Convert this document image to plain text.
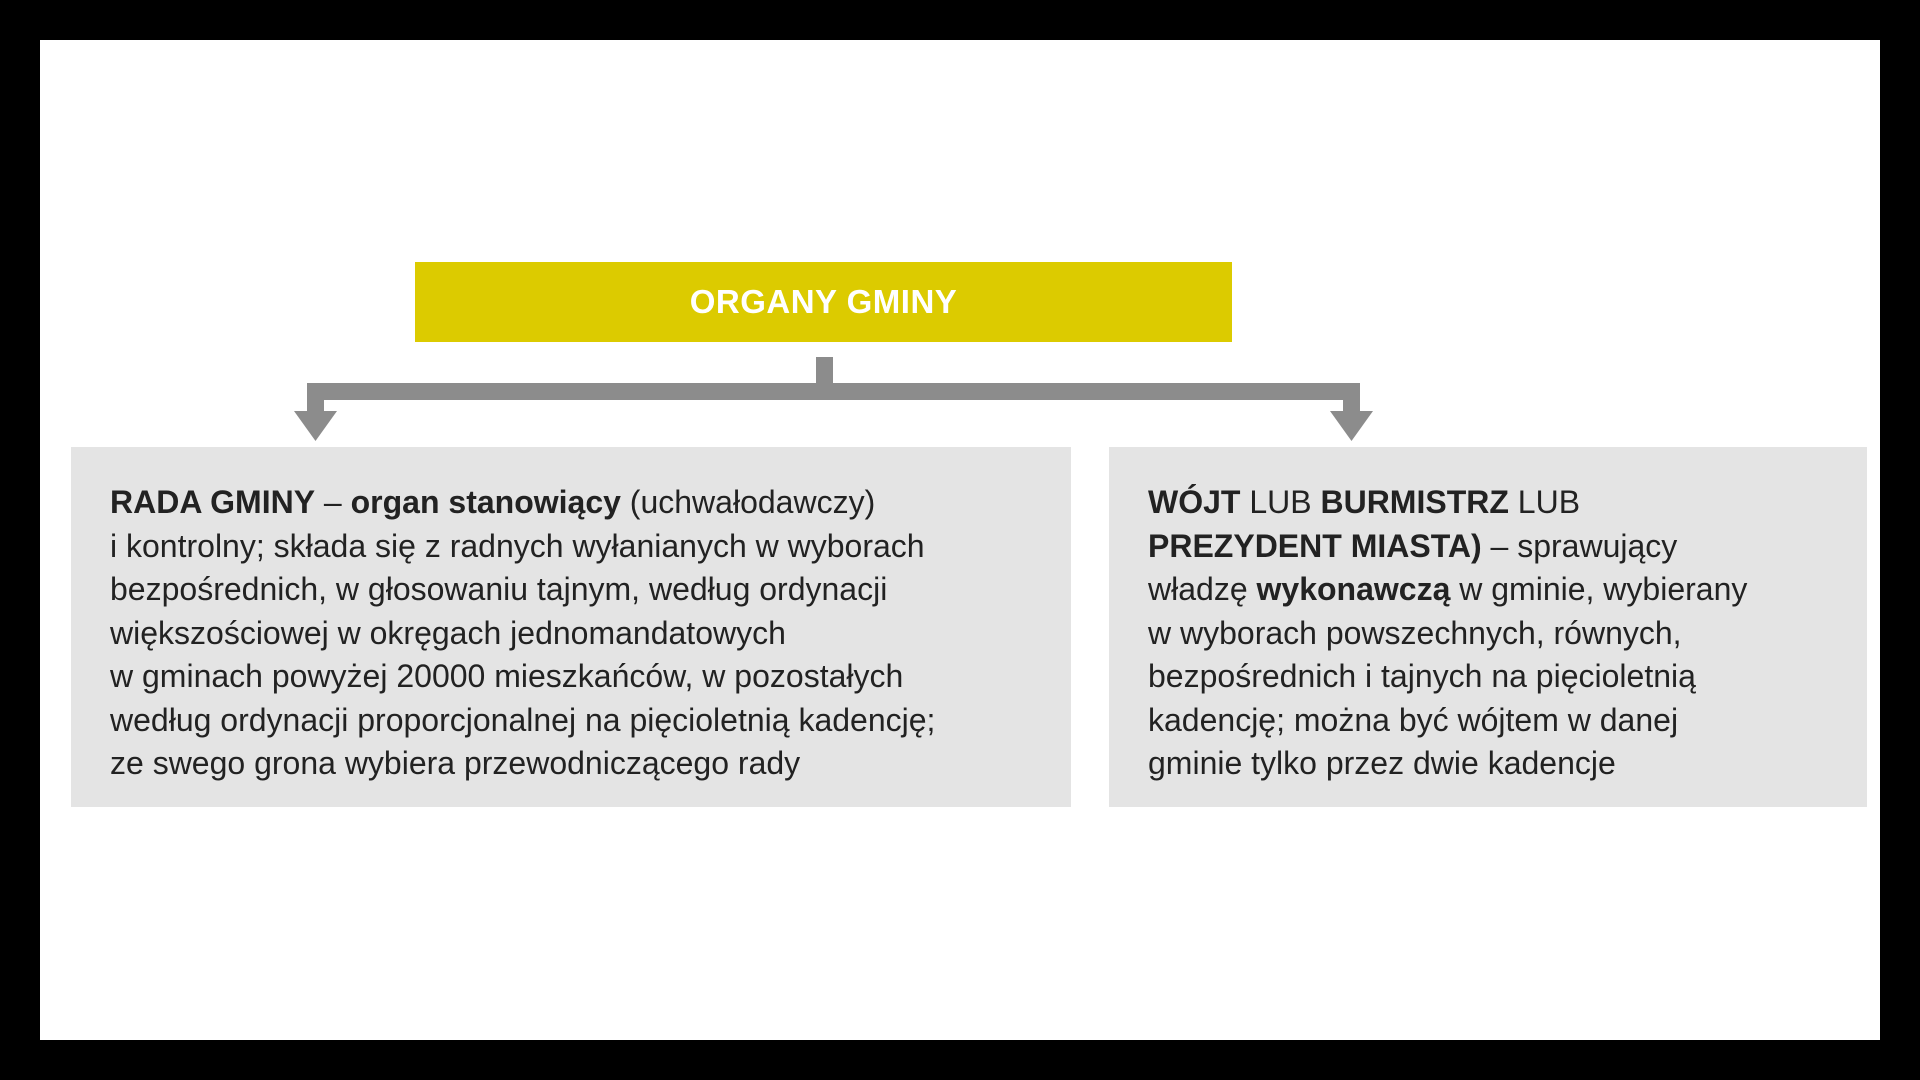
ORGANY GMINY

RADA GMINY – organ stanowiący (uchwałodawczy)

i kontrolny; składa się z radnych wyłanianych w wyborach

bezpośrednich, w głosowaniu tajnym, według ordynacji

większościowej w okręgach jednomandatowych

w gminach powyżej 20000 mieszkańców, w pozostałych

według ordynacji proporcjonalnej na pięcioletnią kadencję;

ze swego grona wybiera przewodniczącego rady

WÓJT LUB BURMISTRZ LUB

PREZYDENT MIASTA) – sprawujący

władzę wykonawczą w gminie, wybierany

w wyborach powszechnych, równych,

bezpośrednich i tajnych na pięcioletnią

kadencję; można być wójtem w danej

gminie tylko przez dwie kadencje
